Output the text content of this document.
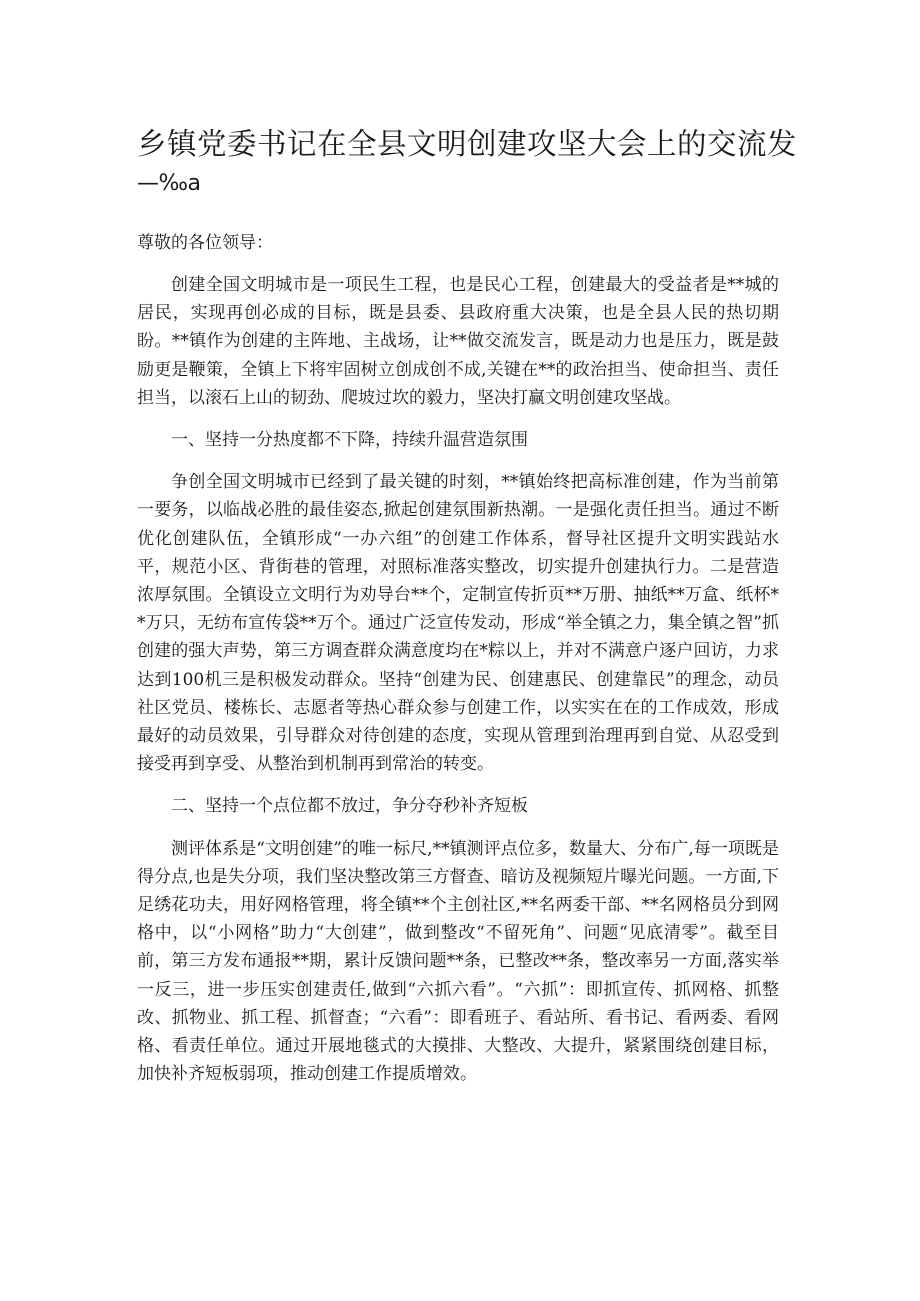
乡镇党委书记在全县文明创建攻坚大会上的交流发
—‰a

尊敬的各位领导：

创建全国文明城市是一项民生工程，也是民心工程，创建最大的受益者是**城的居民，实现再创必成的目标，既是县委、县政府重大决策，也是全县人民的热切期盼。**镇作为创建的主阵地、主战场，让**做交流发言，既是动力也是压力，既是鼓励更是鞭策，全镇上下将牢固树立创成创不成,关键在**的政治担当、使命担当、责任担当，以滚石上山的韧劲、爬坡过坎的毅力，坚决打赢文明创建攻坚战。

一、坚持一分热度都不下降，持续升温营造氛围

争创全国文明城市已经到了最关键的时刻，**镇始终把高标准创建，作为当前第一要务，以临战必胜的最佳姿态,掀起创建氛围新热潮。一是强化责任担当。通过不断优化创建队伍，全镇形成“一办六组”的创建工作体系，督导社区提升文明实践站水平，规范小区、背街巷的管理，对照标准落实整改，切实提升创建执行力。二是营造浓厚氛围。全镇设立文明行为劝导台**个，定制宣传折页**万册、抽纸**万盒、纸杯**万只，无纺布宣传袋**万个。通过广泛宣传发动，形成“举全镇之力，集全镇之智”抓创建的强大声势，第三方调查群众满意度均在*粽以上，并对不满意户逐户回访，力求达到100机三是积极发动群众。坚持“创建为民、创建惠民、创建靠民”的理念，动员社区党员、楼栋长、志愿者等热心群众参与创建工作，以实实在在的工作成效，形成最好的动员效果，引导群众对待创建的态度，实现从管理到治理再到自觉、从忍受到接受再到享受、从整治到机制再到常治的转变。

二、坚持一个点位都不放过，争分夺秒补齐短板

测评体系是“文明创建”的唯一标尺,**镇测评点位多，数量大、分布广,每一项既是得分点,也是失分项，我们坚决整改第三方督查、暗访及视频短片曝光问题。一方面,下足绣花功夫，用好网格管理，将全镇**个主创社区,**名两委干部、**名网格员分到网格中，以“小网格”助力“大创建”，做到整改“不留死角”、问题“见底清零”。截至目前，第三方发布通报**期，累计反馈问题**条，已整改**条，整改率另一方面,落实举一反三，进一步压实创建责任,做到“六抓六看”。“六抓”：即抓宣传、抓网格、抓整改、抓物业、抓工程、抓督查；“六看”：即看班子、看站所、看书记、看两委、看网格、看责任单位。通过开展地毯式的大摸排、大整改、大提升，紧紧围绕创建目标，加快补齐短板弱项，推动创建工作提质增效。
